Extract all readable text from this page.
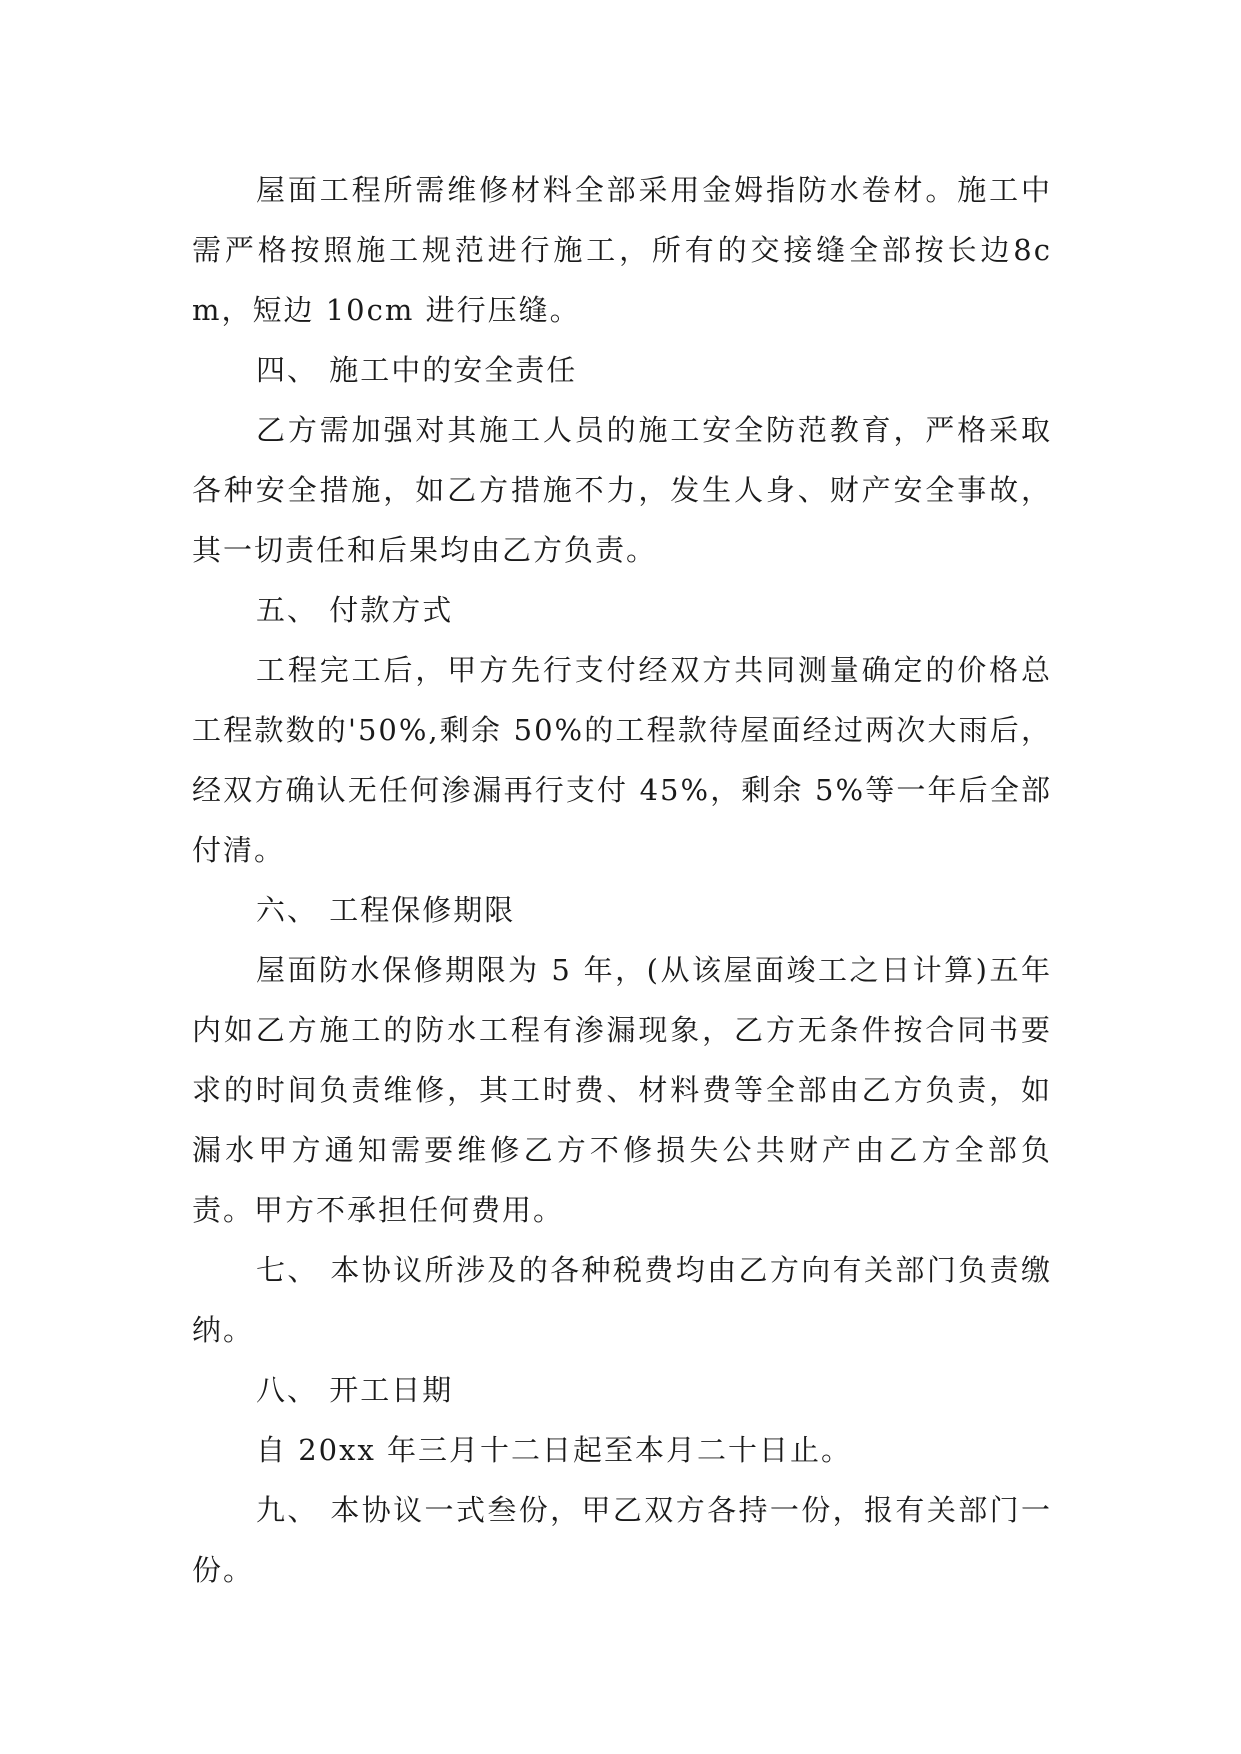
屋面工程所需维修材料全部采用金姆指防水卷材。施工中需严格按照施工规范进行施工，所有的交接缝全部按长边8cm，短边 10cm 进行压缝。

四、 施工中的安全责任

乙方需加强对其施工人员的施工安全防范教育，严格采取各种安全措施，如乙方措施不力，发生人身、财产安全事故，其一切责任和后果均由乙方负责。

五、 付款方式

工程完工后，甲方先行支付经双方共同测量确定的价格总工程款数的'50%,剩余 50%的工程款待屋面经过两次大雨后，经双方确认无任何渗漏再行支付 45%，剩余 5%等一年后全部付清。

六、 工程保修期限

屋面防水保修期限为 5 年，(从该屋面竣工之日计算)五年内如乙方施工的防水工程有渗漏现象，乙方无条件按合同书要求的时间负责维修，其工时费、材料费等全部由乙方负责，如漏水甲方通知需要维修乙方不修损失公共财产由乙方全部负责。甲方不承担任何费用。

七、 本协议所涉及的各种税费均由乙方向有关部门负责缴 纳。

八、 开工日期

自 20xx 年三月十二日起至本月二十日止。

九、 本协议一式叁份，甲乙双方各持一份，报有关部门一 份。
